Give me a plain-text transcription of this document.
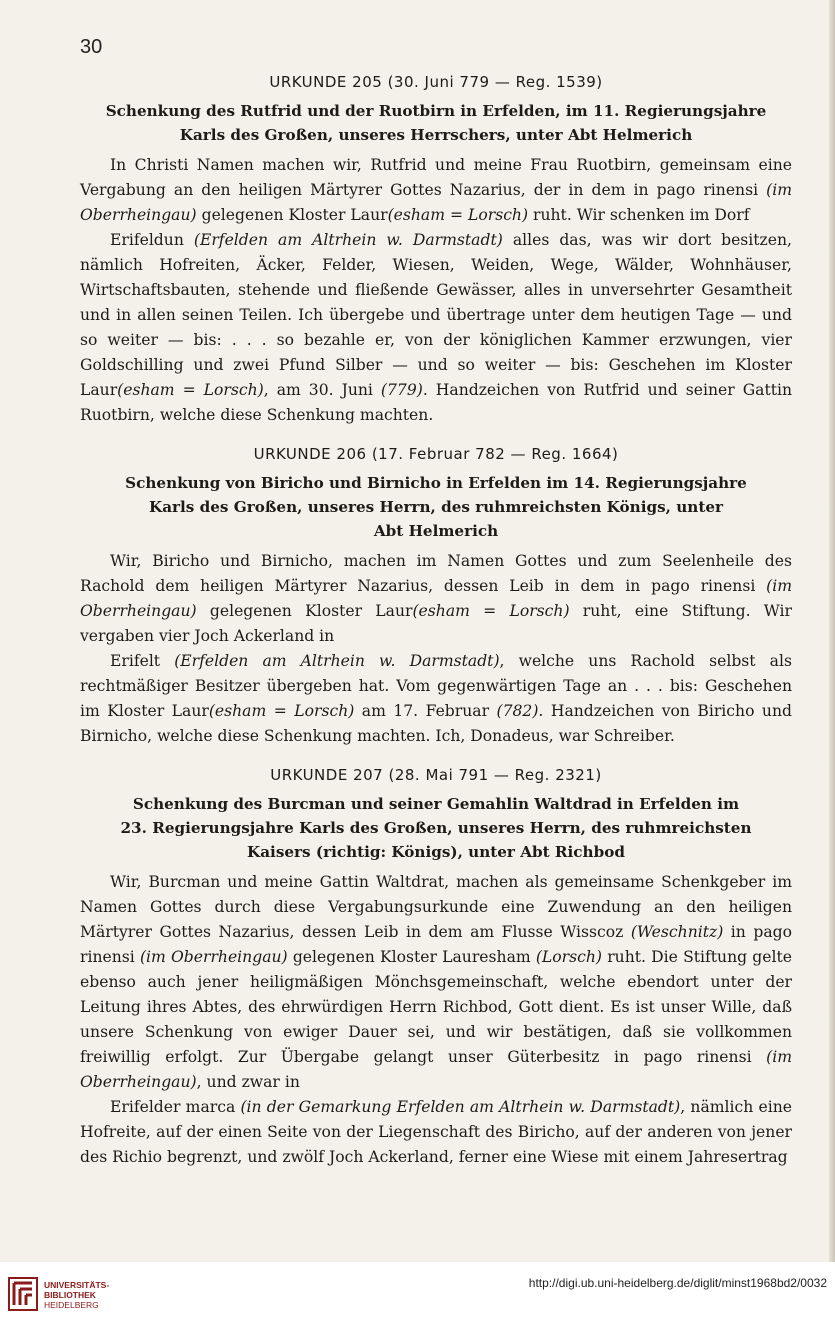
30
URKUNDE 205 (30. Juni 779 — Reg. 1539)
Schenkung des Rutfrid und der Ruotbirn in Erfelden, im 11. Regierungsjahre
Karls des Großen, unseres Herrschers, unter Abt Helmerich

In Christi Namen machen wir, Rutfrid und meine Frau Ruotbirn, gemeinsam eine Vergabung an den heiligen Märtyrer Gottes Nazarius, der in dem in pago rinensi (im Oberrheingau) gelegenen Kloster Laur(esham = Lorsch) ruht. Wir schenken im Dorf

Erifeldun (Erfelden am Altrhein w. Darmstadt) alles das, was wir dort besitzen, nämlich Hofreiten, Äcker, Felder, Wiesen, Weiden, Wege, Wälder, Wohnhäuser, Wirtschaftsbauten, stehende und fließende Gewässer, alles in unversehrter Gesamtheit und in allen seinen Teilen. Ich übergebe und übertrage unter dem heutigen Tage — und so weiter — bis: . . . so bezahle er, von der königlichen Kammer erzwungen, vier Goldschilling und zwei Pfund Silber — und so weiter — bis: Geschehen im Kloster Laur(esham = Lorsch), am 30. Juni (779). Handzeichen von Rutfrid und seiner Gattin Ruotbirn, welche diese Schenkung machten.

URKUNDE 206 (17. Februar 782 — Reg. 1664)
Schenkung von Biricho und Birnicho in Erfelden im 14. Regierungsjahre
Karls des Großen, unseres Herrn, des ruhmreichsten Königs, unter
Abt Helmerich

Wir, Biricho und Birnicho, machen im Namen Gottes und zum Seelenheile des Rachold dem heiligen Märtyrer Nazarius, dessen Leib in dem in pago rinensi (im Oberrheingau) gelegenen Kloster Laur(esham = Lorsch) ruht, eine Stiftung. Wir vergaben vier Joch Ackerland in

Erifelt (Erfelden am Altrhein w. Darmstadt), welche uns Rachold selbst als rechtmäßiger Besitzer übergeben hat. Vom gegenwärtigen Tage an . . . bis: Geschehen im Kloster Laur(esham = Lorsch) am 17. Februar (782). Handzeichen von Biricho und Birnicho, welche diese Schenkung machten. Ich, Donadeus, war Schreiber.

URKUNDE 207 (28. Mai 791 — Reg. 2321)
Schenkung des Burcman und seiner Gemahlin Waltdrad in Erfelden im
23. Regierungsjahre Karls des Großen, unseres Herrn, des ruhmreichsten
Kaisers (richtig: Königs), unter Abt Richbod

Wir, Burcman und meine Gattin Waltdrat, machen als gemeinsame Schenkgeber im Namen Gottes durch diese Vergabungsurkunde eine Zuwendung an den heiligen Märtyrer Gottes Nazarius, dessen Leib in dem am Flusse Wisscoz (Weschnitz) in pago rinensi (im Oberrheingau) gelegenen Kloster Lauresham (Lorsch) ruht. Die Stiftung gelte ebenso auch jener heiligmäßigen Mönchsgemeinschaft, welche ebendort unter der Leitung ihres Abtes, des ehrwürdigen Herrn Richbod, Gott dient. Es ist unser Wille, daß unsere Schenkung von ewiger Dauer sei, und wir bestätigen, daß sie vollkommen freiwillig erfolgt. Zur Übergabe gelangt unser Güterbesitz in pago rinensi (im Oberrheingau), und zwar in

Erifelder marca (in der Gemarkung Erfelden am Altrhein w. Darmstadt), nämlich eine Hofreite, auf der einen Seite von der Liegenschaft des Biricho, auf der anderen von jener des Richio begrenzt, und zwölf Joch Ackerland, ferner eine Wiese mit einem Jahresertrag

UNIVERSITÄTS-
BIBLIOTHEK
HEIDELBERG
http://digi.ub.uni-heidelberg.de/diglit/minst1968bd2/0032
